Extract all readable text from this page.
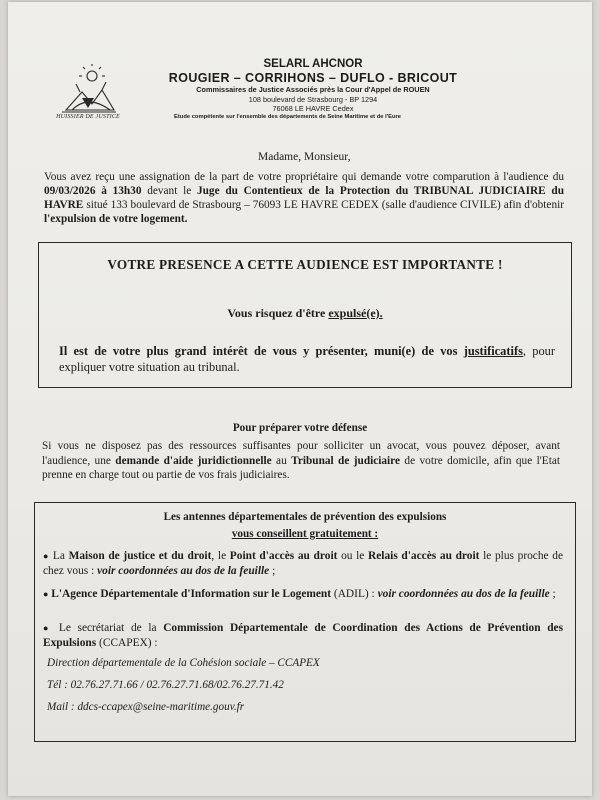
HUISSIER DE JUSTICE
SELARL AHCNOR
ROUGIER – CORRIHONS – DUFLO - BRICOUT
Commissaires de Justice Associés près la Cour d'Appel de ROUEN
108 boulevard de Strasbourg - BP 1294
76068 LE HAVRE Cedex
Etude compétente sur l'ensemble des départements de Seine Maritime et de l'Eure
Madame, Monsieur,
Vous avez reçu une assignation de la part de votre propriétaire qui demande votre comparution à l'audience du 09/03/2026 à 13h30 devant le Juge du Contentieux de la Protection du TRIBUNAL JUDICIAIRE du HAVRE situé 133 boulevard de Strasbourg – 76093 LE HAVRE CEDEX (salle d'audience CIVILE) afin d'obtenir l'expulsion de votre logement.
VOTRE PRESENCE A CETTE AUDIENCE EST IMPORTANTE !
Vous risquez d'être expulsé(e).
Il est de votre plus grand intérêt de vous y présenter, muni(e) de vos justificatifs, pour expliquer votre situation au tribunal.
Pour préparer votre défense
Si vous ne disposez pas des ressources suffisantes pour solliciter un avocat, vous pouvez déposer, avant l'audience, une demande d'aide juridictionnelle au Tribunal de judiciaire de votre domicile, afin que l'Etat prenne en charge tout ou partie de vos frais judiciaires.
Les antennes départementales de prévention des expulsions
vous conseillent gratuitement :
● La Maison de justice et du droit, le Point d'accès au droit ou le Relais d'accès au droit le plus proche de chez vous : voir coordonnées au dos de la feuille ;
● L'Agence Départementale d'Information sur le Logement (ADIL) : voir coordonnées au dos de la feuille ;
● Le secrétariat de la Commission Départementale de Coordination des Actions de Prévention des Expulsions (CCAPEX) :
Direction départementale de la Cohésion sociale – CCAPEX
Tél : 02.76.27.71.66 / 02.76.27.71.68/02.76.27.71.42
Mail : ddcs-ccapex@seine-maritime.gouv.fr
